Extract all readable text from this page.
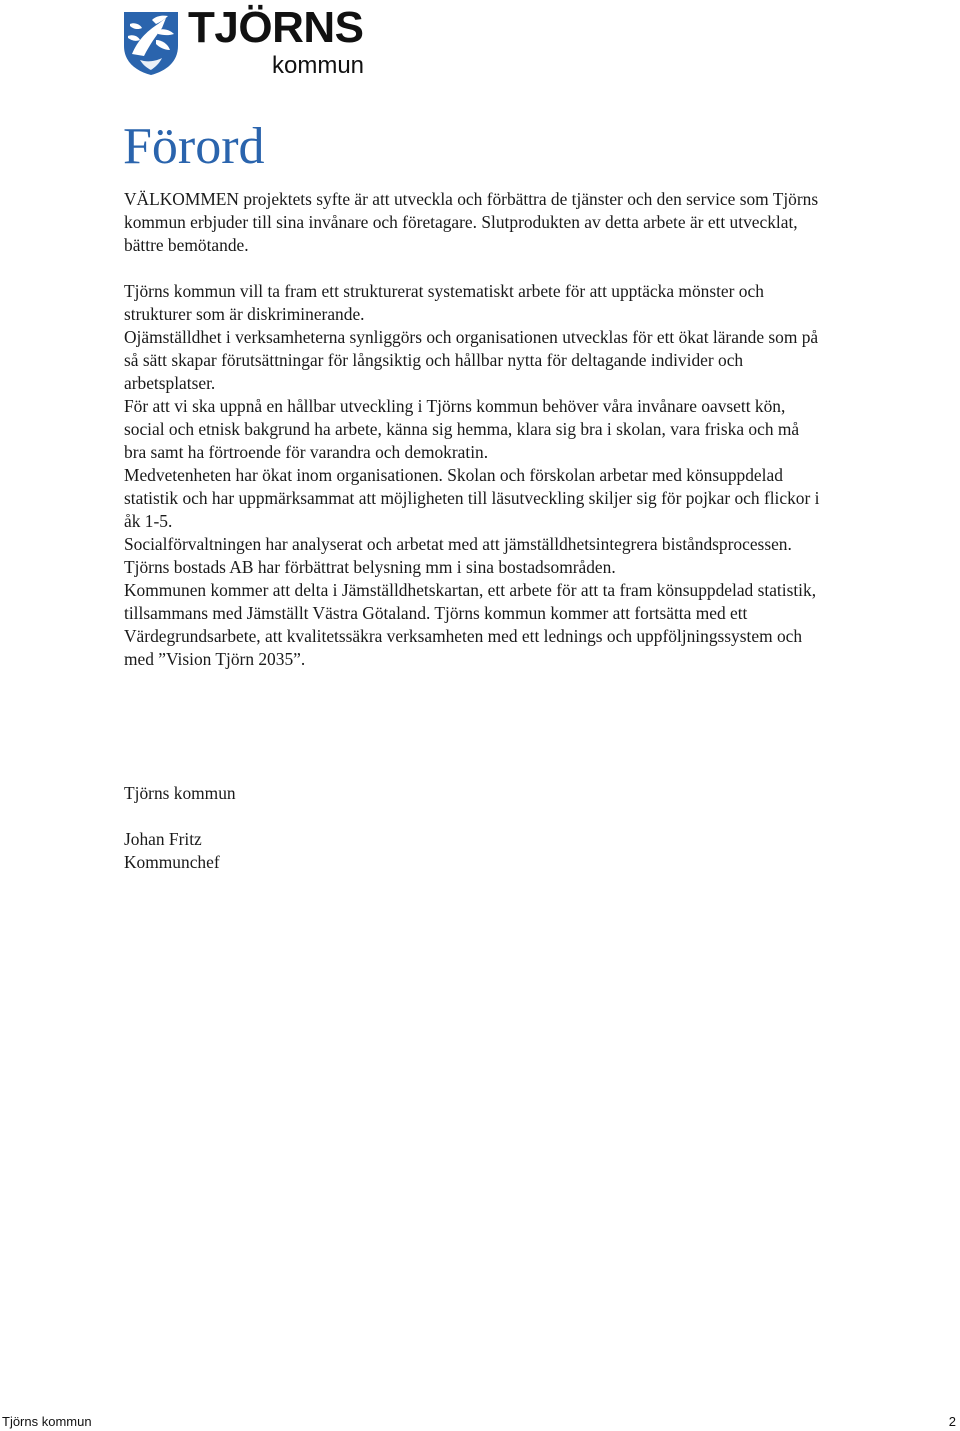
TJÖRNS
kommun
Förord

VÄLKOMMEN projektets syfte är att utveckla och förbättra de tjänster och den service som Tjörns kommun erbjuder till sina invånare och företagare. Slutprodukten av detta arbete är ett utvecklat, bättre bemötande.

Tjörns kommun vill ta fram ett strukturerat systematiskt arbete för att upptäcka mönster och strukturer som är diskriminerande.

Ojämställdhet i verksamheterna synliggörs och organisationen utvecklas för ett ökat lärande som på så sätt skapar förutsättningar för långsiktig och hållbar nytta för deltagande individer och arbetsplatser.

För att vi ska uppnå en hållbar utveckling i Tjörns kommun behöver våra invånare oavsett kön, social och etnisk bakgrund ha arbete, känna sig hemma, klara sig bra i skolan, vara friska och må bra samt ha förtroende för varandra och demokratin.

Medvetenheten har ökat inom organisationen. Skolan och förskolan arbetar med könsuppdelad statistik och har uppmärksammat att möjligheten till läsutveckling skiljer sig för pojkar och flickor i åk 1-5.

Socialförvaltningen har analyserat och arbetat med att jämställdhetsintegrera biståndsprocessen.

Tjörns bostads AB har förbättrat belysning mm i sina bostadsområden.

Kommunen kommer att delta i Jämställdhetskartan, ett arbete för att ta fram könsuppdelad statistik, tillsammans med Jämställt Västra Götaland. Tjörns kommun kommer att fortsätta med ett Värdegrundsarbete, att kvalitetssäkra verksamheten med ett lednings och uppföljningssystem och med ”Vision Tjörn 2035”.

Tjörns kommun

Johan Fritz

Kommunchef

Tjörns kommun	2
